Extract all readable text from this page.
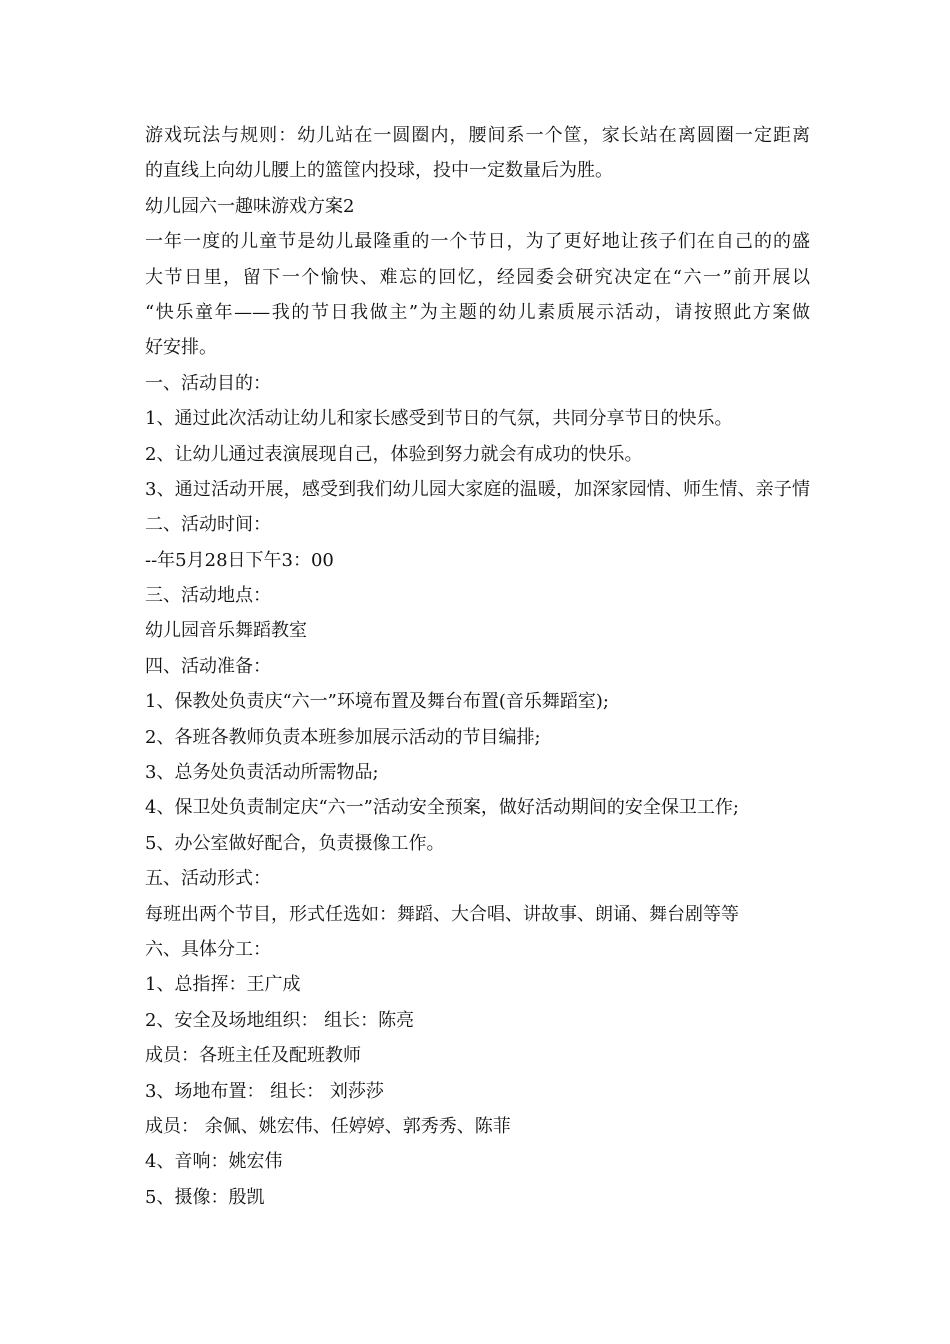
游戏玩法与规则：幼儿站在一圆圈内，腰间系一个筐，家长站在离圆圈一定距离
的直线上向幼儿腰上的篮筐内投球，投中一定数量后为胜。
幼儿园六一趣味游戏方案2
一年一度的儿童节是幼儿最隆重的一个节日，为了更好地让孩子们在自己的的盛
大节日里，留下一个愉快、难忘的回忆，经园委会研究决定在“六一”前开展以
“快乐童年——我的节日我做主”为主题的幼儿素质展示活动，请按照此方案做
好安排。
一、活动目的：
1、通过此次活动让幼儿和家长感受到节日的气氛，共同分享节日的快乐。
2、让幼儿通过表演展现自己，体验到努力就会有成功的快乐。
3、通过活动开展，感受到我们幼儿园大家庭的温暖，加深家园情、师生情、亲子情
二、活动时间：
--年5月28日下午3：00
三、活动地点：
幼儿园音乐舞蹈教室
四、活动准备：
1、保教处负责庆“六一”环境布置及舞台布置(音乐舞蹈室);
2、各班各教师负责本班参加展示活动的节目编排;
3、总务处负责活动所需物品;
4、保卫处负责制定庆“六一”活动安全预案，做好活动期间的安全保卫工作;
5、办公室做好配合，负责摄像工作。
五、活动形式：
每班出两个节目，形式任选如：舞蹈、大合唱、讲故事、朗诵、舞台剧等等
六、具体分工：
1、总指挥：王广成
2、安全及场地组织： 组长：陈亮
成员：各班主任及配班教师
3、场地布置： 组长： 刘莎莎
成员： 余佩、姚宏伟、任婷婷、郭秀秀、陈菲
4、音响：姚宏伟
5、摄像：殷凯
